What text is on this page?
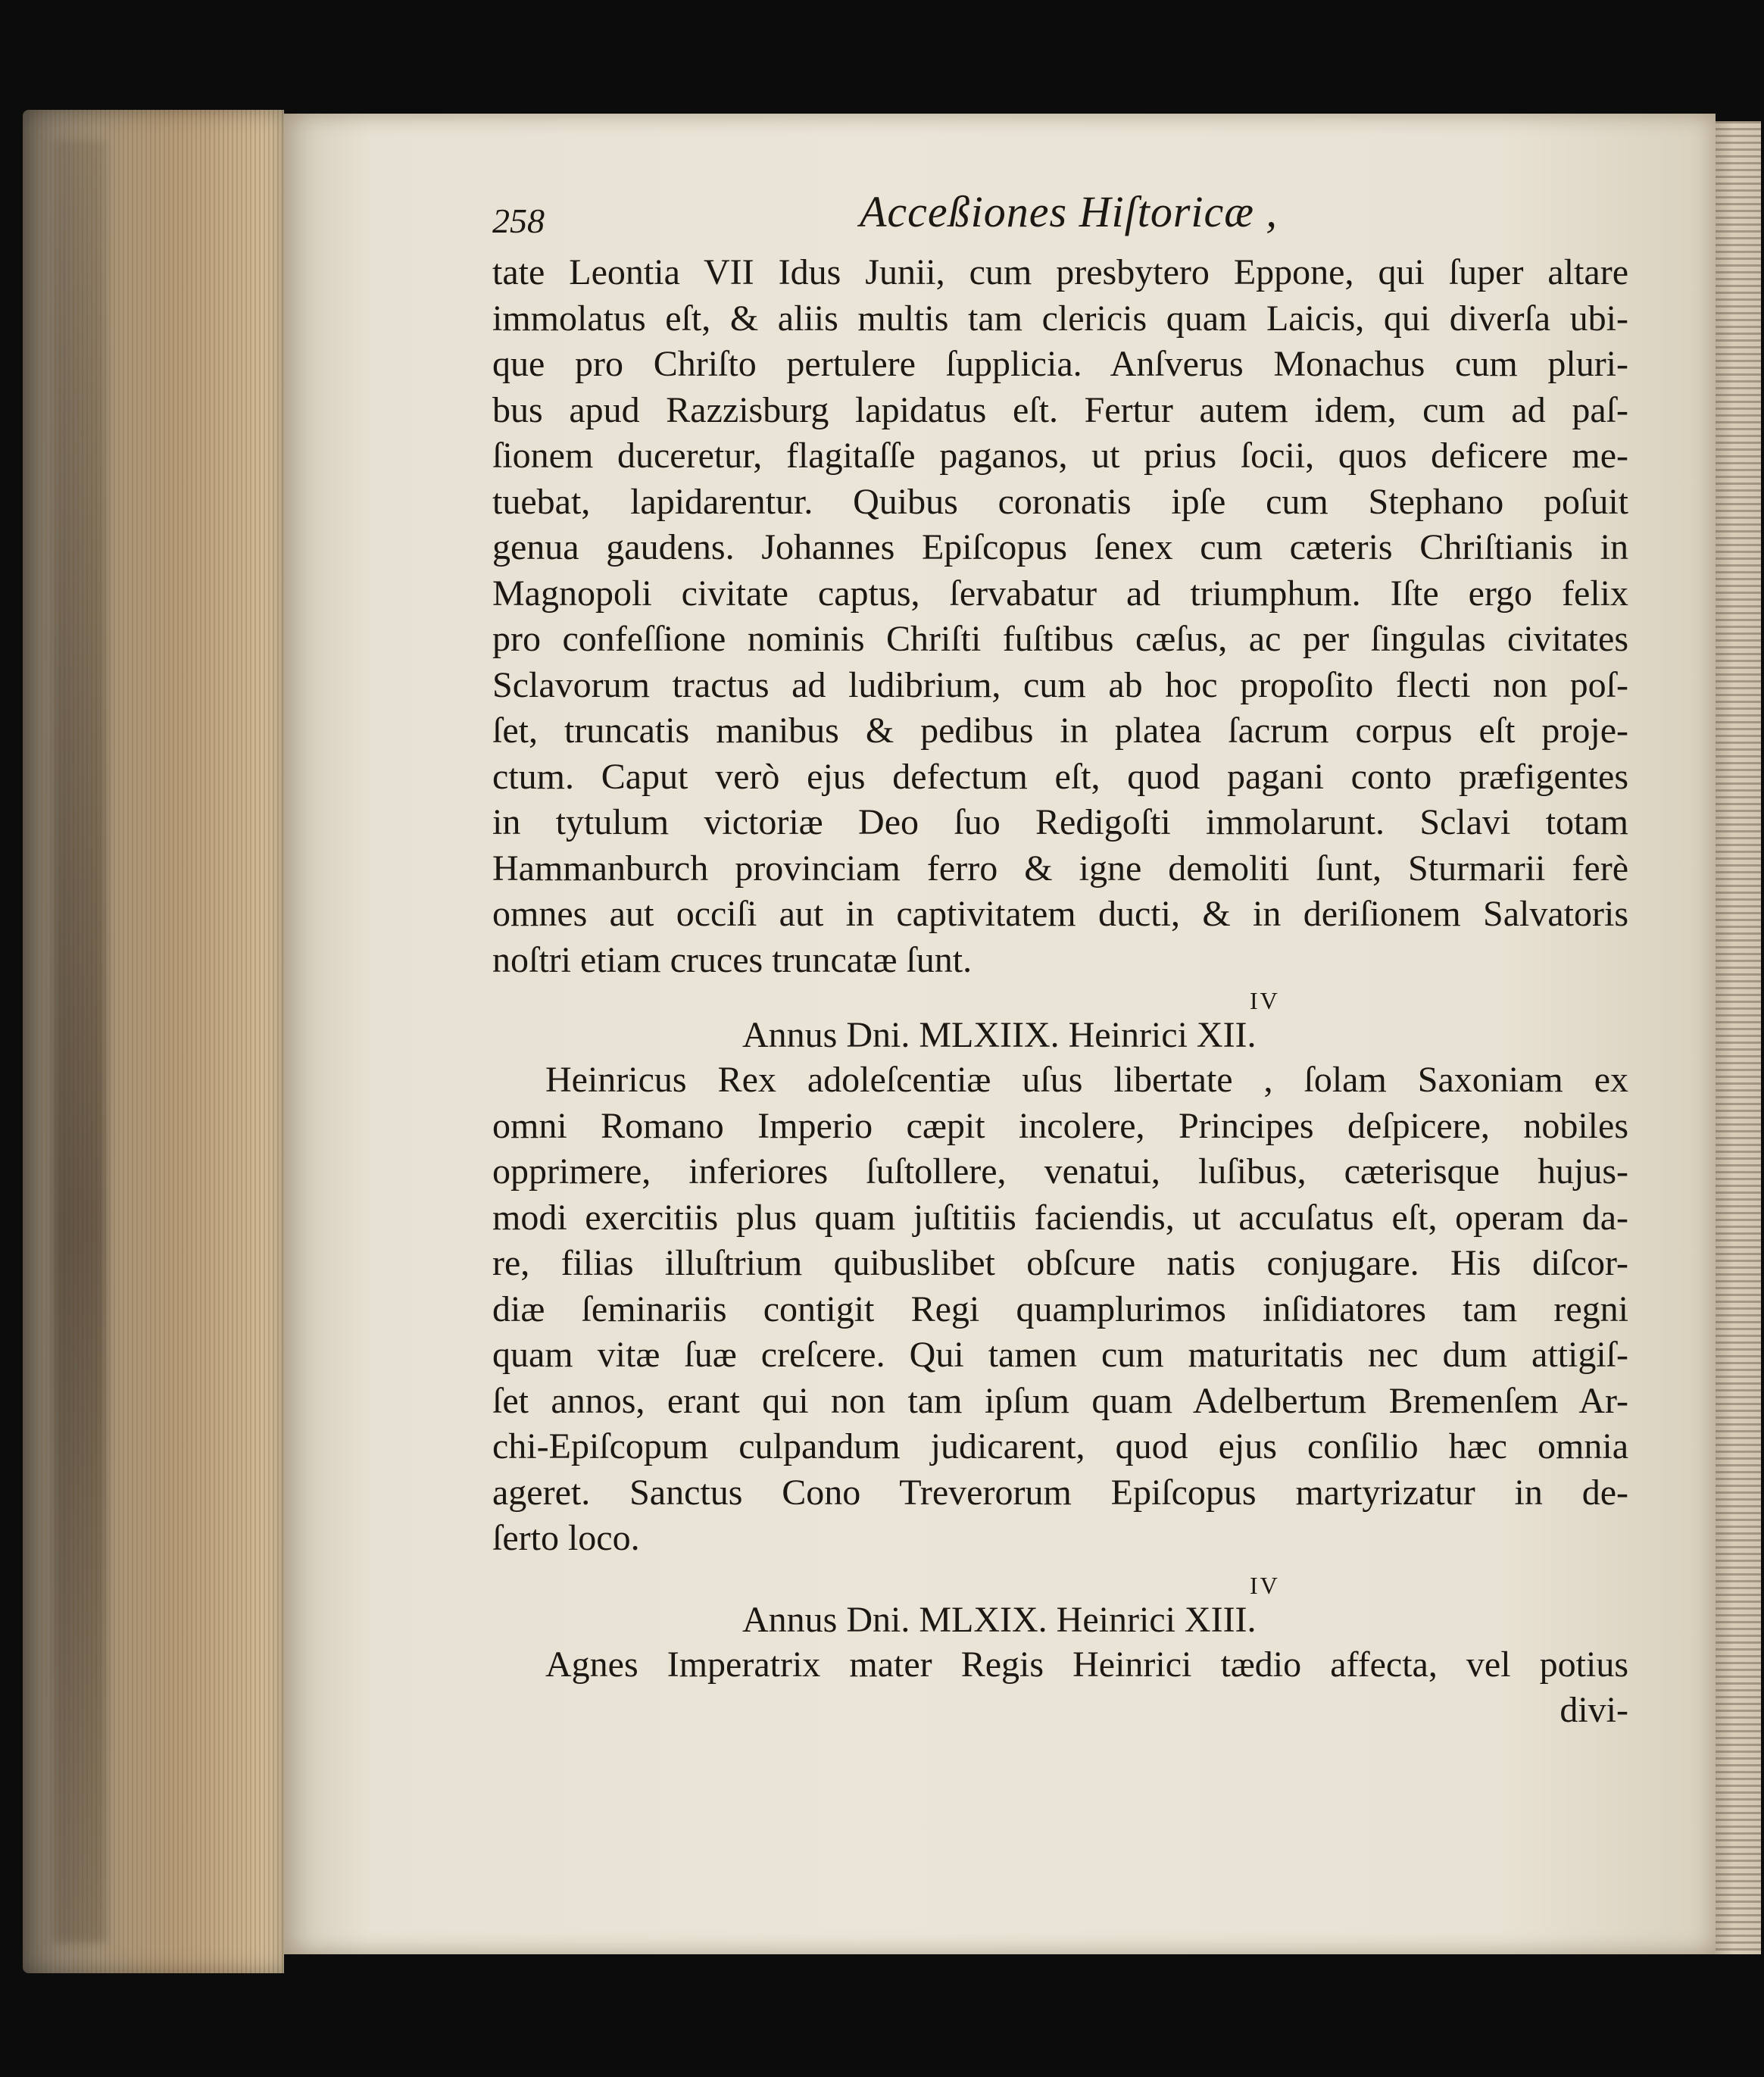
258	Acceßiones Hiſtoricæ ,
tate Leontia VII Idus Junii, cum presbytero Eppone, qui ſuper altare
immolatus eſt, & aliis multis tam clericis quam Laicis, qui diverſa ubi-
que pro Chriſto pertulere ſupplicia. Anſverus Monachus cum pluri-
bus apud Razzisburg lapidatus eſt. Fertur autem idem, cum ad paſ-
ſionem duceretur, flagitaſſe paganos, ut prius ſocii, quos deficere me-
tuebat, lapidarentur. Quibus coronatis ipſe cum Stephano poſuit
genua gaudens. Johannes Epiſcopus ſenex cum cæteris Chriſtianis in
Magnopoli civitate captus, ſervabatur ad triumphum. Iſte ergo felix
pro confeſſione nominis Chriſti fuſtibus cæſus, ac per ſingulas civitates
Sclavorum tractus ad ludibrium, cum ab hoc propoſito flecti non poſ-
ſet, truncatis manibus & pedibus in platea ſacrum corpus eſt proje-
ctum. Caput verò ejus defectum eſt, quod pagani conto præfigentes
in tytulum victoriæ Deo ſuo Redigoſti immolarunt. Sclavi totam
Hammanburch provinciam ferro & igne demoliti ſunt, Sturmarii ferè
omnes aut occiſi aut in captivitatem ducti, & in deriſionem Salvatoris
noſtri etiam cruces truncatæ ſunt.
IV
Annus Dni. MLXIIX. Heinrici XII.
Heinricus Rex adoleſcentiæ uſus libertate , ſolam Saxoniam ex
omni Romano Imperio cæpit incolere, Principes deſpicere, nobiles
opprimere, inferiores ſuſtollere, venatui, luſibus, cæterisque hujus-
modi exercitiis plus quam juſtitiis faciendis, ut accuſatus eſt, operam da-
re, filias illuſtrium quibuslibet obſcure natis conjugare. His diſcor-
diæ ſeminariis contigit Regi quamplurimos inſidiatores tam regni
quam vitæ ſuæ creſcere. Qui tamen cum maturitatis nec dum attigiſ-
ſet annos, erant qui non tam ipſum quam Adelbertum Bremenſem Ar-
chi-Epiſcopum culpandum judicarent, quod ejus conſilio hæc omnia
ageret. Sanctus Cono Treverorum Epiſcopus martyrizatur in de-
ſerto loco.
IV
Annus Dni. MLXIX. Heinrici XIII.
Agnes Imperatrix mater Regis Heinrici tædio affecta, vel potius
divi-
